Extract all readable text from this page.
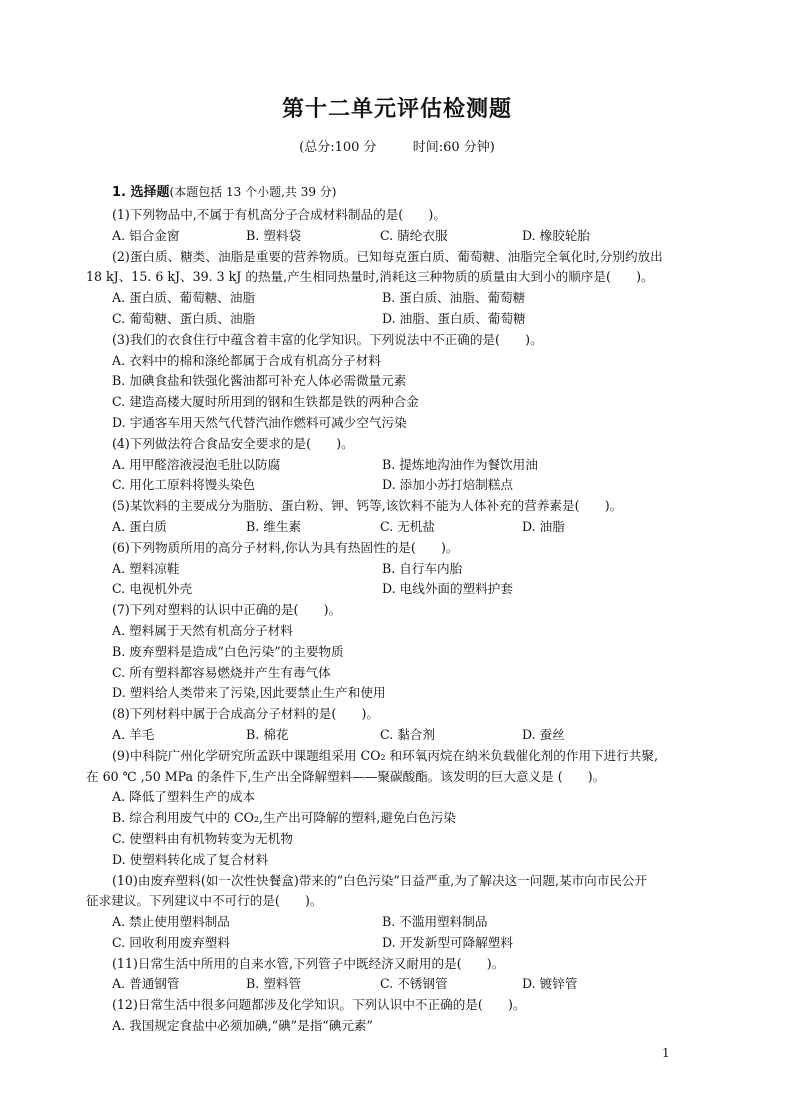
第十二单元评估检测题
(总分:100 分	时间:60 分钟)
1. 选择题(本题包括 13 个小题,共 39 分)
(1)下列物品中,不属于有机高分子合成材料制品的是(　　)。
A. 铝合金窗	B. 塑料袋	C. 腈纶衣服	D. 橡胶轮胎
(2)蛋白质、糖类、油脂是重要的营养物质。已知每克蛋白质、葡萄糖、油脂完全氧化时,分别约放出
18 kJ、15. 6 kJ、39. 3 kJ 的热量,产生相同热量时,消耗这三种物质的质量由大到小的顺序是(　　)。
A. 蛋白质、葡萄糖、油脂	B. 蛋白质、油脂、葡萄糖
C. 葡萄糖、蛋白质、油脂	D. 油脂、蛋白质、葡萄糖
(3)我们的衣食住行中蕴含着丰富的化学知识。下列说法中不正确的是(　　)。
A. 衣料中的棉和涤纶都属于合成有机高分子材料
B. 加碘食盐和铁强化酱油都可补充人体必需微量元素
C. 建造高楼大厦时所用到的钢和生铁都是铁的两种合金
D. 宇通客车用天然气代替汽油作燃料可减少空气污染
(4)下列做法符合食品安全要求的是(　　)。
A. 用甲醛溶液浸泡毛肚以防腐	B. 提炼地沟油作为餐饮用油
C. 用化工原料将馒头染色	D. 添加小苏打焙制糕点
(5)某饮料的主要成分为脂肪、蛋白粉、钾、钙等,该饮料不能为人体补充的营养素是(　　)。
A. 蛋白质	B. 维生素	C. 无机盐	D. 油脂
(6)下列物质所用的高分子材料,你认为具有热固性的是(　　)。
A. 塑料凉鞋	B. 自行车内胎
C. 电视机外壳	D. 电线外面的塑料护套
(7)下列对塑料的认识中正确的是(　　)。
A. 塑料属于天然有机高分子材料
B. 废弃塑料是造成“白色污染”的主要物质
C. 所有塑料都容易燃烧并产生有毒气体
D. 塑料给人类带来了污染,因此要禁止生产和使用
(8)下列材料中属于合成高分子材料的是(　　)。
A. 羊毛	B. 棉花	C. 黏合剂	D. 蚕丝
(9)中科院广州化学研究所孟跃中课题组采用 CO₂ 和环氧丙烷在纳米负载催化剂的作用下进行共聚,
在 60 ℃ ,50 MPa 的条件下,生产出全降解塑料——聚碳酸酯。该发明的巨大意义是 (　　)。
A. 降低了塑料生产的成本
B. 综合利用废气中的 CO₂,生产出可降解的塑料,避免白色污染
C. 使塑料由有机物转变为无机物
D. 使塑料转化成了复合材料
(10)由废弃塑料(如一次性快餐盒)带来的“白色污染”日益严重,为了解决这一问题,某市向市民公开
征求建议。下列建议中不可行的是(　　)。
A. 禁止使用塑料制品	B. 不滥用塑料制品
C. 回收利用废弃塑料	D. 开发新型可降解塑料
(11)日常生活中所用的自来水管,下列管子中既经济又耐用的是(　　)。
A. 普通钢管	B. 塑料管	C. 不锈钢管	D. 镀锌管
(12)日常生活中很多问题都涉及化学知识。下列认识中不正确的是(　　)。
A. 我国规定食盐中必须加碘,“碘”是指“碘元素”
1
